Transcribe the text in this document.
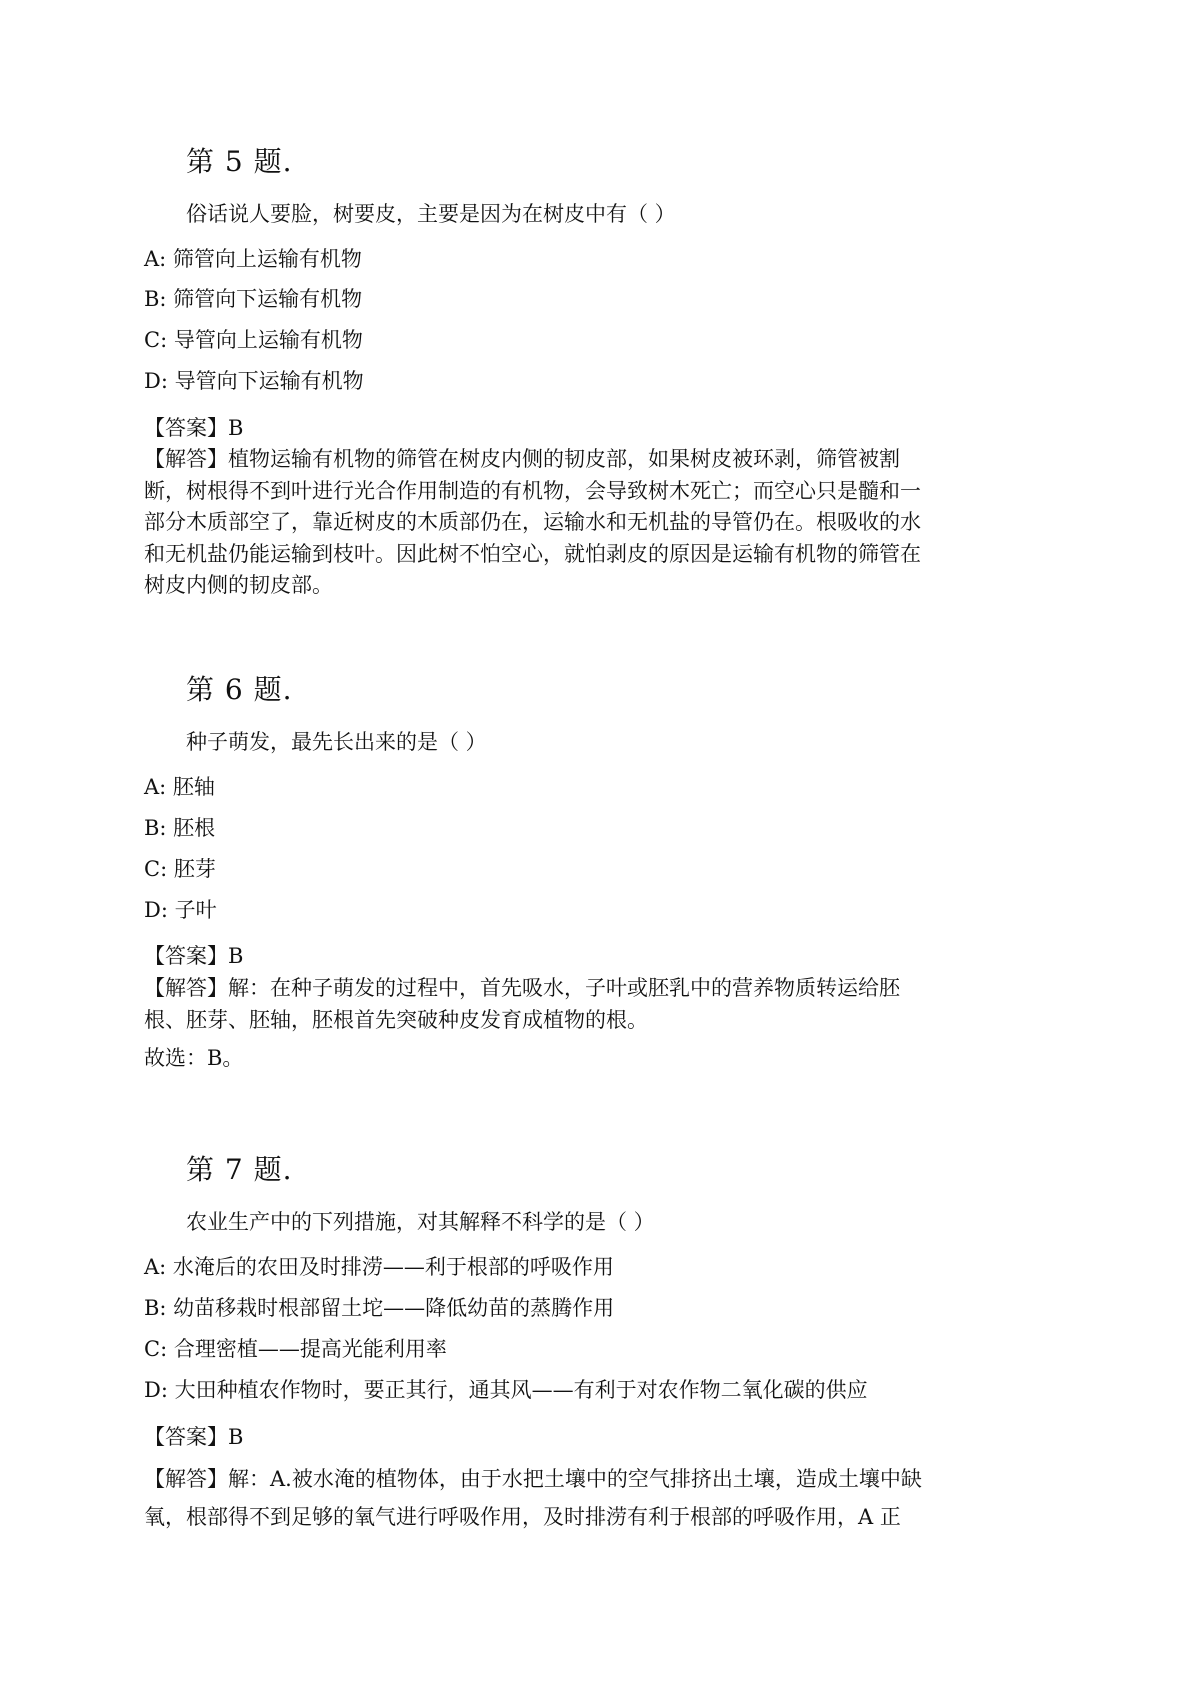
第 5 题.
俗话说人要脸，树要皮，主要是因为在树皮中有（ ）
A: 筛管向上运输有机物
B: 筛管向下运输有机物
C: 导管向上运输有机物
D: 导管向下运输有机物
【答案】B
【解答】植物运输有机物的筛管在树皮内侧的韧皮部，如果树皮被环剥，筛管被割
断，树根得不到叶进行光合作用制造的有机物，会导致树木死亡；而空心只是髓和一
部分木质部空了，靠近树皮的木质部仍在，运输水和无机盐的导管仍在。根吸收的水
和无机盐仍能运输到枝叶。因此树不怕空心，就怕剥皮的原因是运输有机物的筛管在
树皮内侧的韧皮部。
第 6 题.
种子萌发，最先长出来的是（ ）
A: 胚轴
B: 胚根
C: 胚芽
D: 子叶
【答案】B
【解答】解：在种子萌发的过程中，首先吸水，子叶或胚乳中的营养物质转运给胚
根、胚芽、胚轴，胚根首先突破种皮发育成植物的根。
故选：B。
第 7 题.
农业生产中的下列措施，对其解释不科学的是（ ）
A: 水淹后的农田及时排涝——利于根部的呼吸作用
B: 幼苗移栽时根部留土坨——降低幼苗的蒸腾作用
C: 合理密植——提高光能利用率
D: 大田种植农作物时，要正其行，通其风——有利于对农作物二氧化碳的供应
【答案】B
【解答】解：A.被水淹的植物体，由于水把土壤中的空气排挤出土壤，造成土壤中缺
氧，根部得不到足够的氧气进行呼吸作用，及时排涝有利于根部的呼吸作用，A 正
